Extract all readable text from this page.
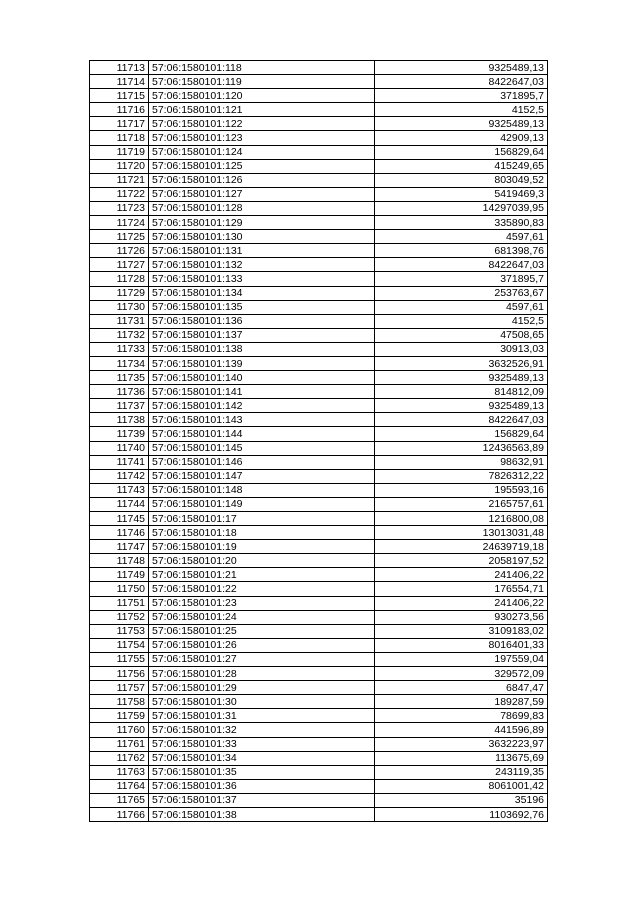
11713	57:06:1580101:118	9325489,13
11714	57:06:1580101:119	8422647,03
11715	57:06:1580101:120	371895,7
11716	57:06:1580101:121	4152,5
11717	57:06:1580101:122	9325489,13
11718	57:06:1580101:123	42909,13
11719	57:06:1580101:124	156829,64
11720	57:06:1580101:125	415249,65
11721	57:06:1580101:126	803049,52
11722	57:06:1580101:127	5419469,3
11723	57:06:1580101:128	14297039,95
11724	57:06:1580101:129	335890,83
11725	57:06:1580101:130	4597,61
11726	57:06:1580101:131	681398,76
11727	57:06:1580101:132	8422647,03
11728	57:06:1580101:133	371895,7
11729	57:06:1580101:134	253763,67
11730	57:06:1580101:135	4597,61
11731	57:06:1580101:136	4152,5
11732	57:06:1580101:137	47508,65
11733	57:06:1580101:138	30913,03
11734	57:06:1580101:139	3632526,91
11735	57:06:1580101:140	9325489,13
11736	57:06:1580101:141	814812,09
11737	57:06:1580101:142	9325489,13
11738	57:06:1580101:143	8422647,03
11739	57:06:1580101:144	156829,64
11740	57:06:1580101:145	12436563,89
11741	57:06:1580101:146	98632,91
11742	57:06:1580101:147	7826312,22
11743	57:06:1580101:148	195593,16
11744	57:06:1580101:149	2165757,61
11745	57:06:1580101:17	1216800,08
11746	57:06:1580101:18	13013031,48
11747	57:06:1580101:19	24639719,18
11748	57:06:1580101:20	2058197,52
11749	57:06:1580101:21	241406,22
11750	57:06:1580101:22	176554,71
11751	57:06:1580101:23	241406,22
11752	57:06:1580101:24	930273,56
11753	57:06:1580101:25	3109183,02
11754	57:06:1580101:26	8016401,33
11755	57:06:1580101:27	197559,04
11756	57:06:1580101:28	329572,09
11757	57:06:1580101:29	6847,47
11758	57:06:1580101:30	189287,59
11759	57:06:1580101:31	78699,83
11760	57:06:1580101:32	441596,89
11761	57:06:1580101:33	3632223,97
11762	57:06:1580101:34	113675,69
11763	57:06:1580101:35	243119,35
11764	57:06:1580101:36	8061001,42
11765	57:06:1580101:37	35196
11766	57:06:1580101:38	1103692,76
